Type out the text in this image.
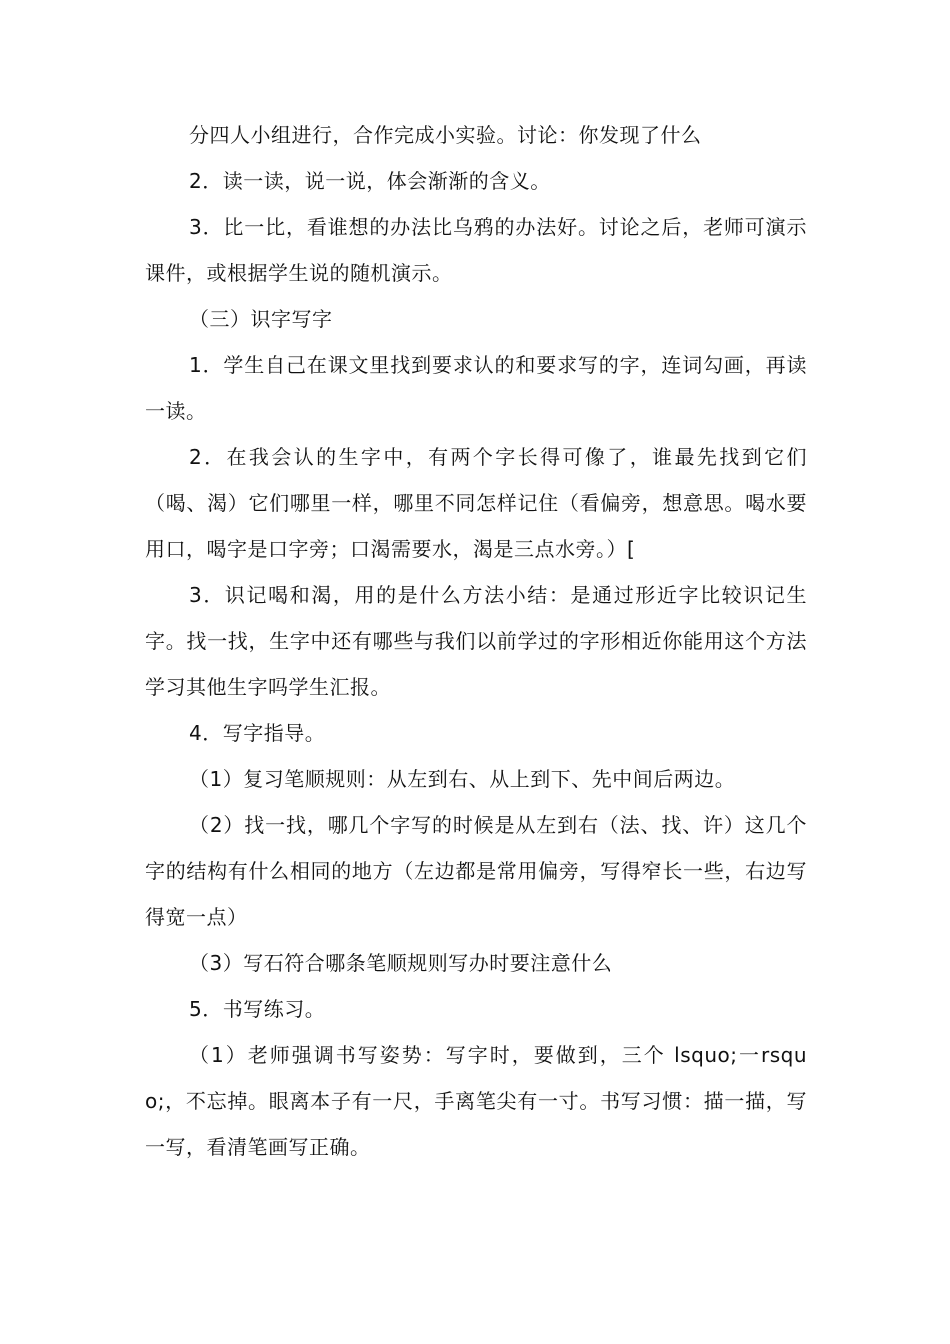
分四人小组进行，合作完成小实验。讨论：你发现了什么

2．读一读，说一说，体会渐渐的含义。

3．比一比，看谁想的办法比乌鸦的办法好。讨论之后，老师可演示课件，或根据学生说的随机演示。

（三）识字写字

1．学生自己在课文里找到要求认的和要求写的字，连词勾画，再读一读。

2．在我会认的生字中，有两个字长得可像了，谁最先找到它们（喝、渴）它们哪里一样，哪里不同怎样记住（看偏旁，想意思。喝水要用口，喝字是口字旁；口渴需要水，渴是三点水旁。）[

3．识记喝和渴，用的是什么方法小结：是通过形近字比较识记生字。找一找，生字中还有哪些与我们以前学过的字形相近你能用这个方法学习其他生字吗学生汇报。

4．写字指导。

（1）复习笔顺规则：从左到右、从上到下、先中间后两边。

（2）找一找，哪几个字写的时候是从左到右（法、找、许）这几个字的结构有什么相同的地方（左边都是常用偏旁，写得窄长一些，右边写得宽一点）

（3）写石符合哪条笔顺规则写办时要注意什么

5．书写练习。

（1）老师强调书写姿势：写字时，要做到，三个 lsquo;一rsquo;，不忘掉。眼离本子有一尺，手离笔尖有一寸。书写习惯：描一描，写一写，看清笔画写正确。
